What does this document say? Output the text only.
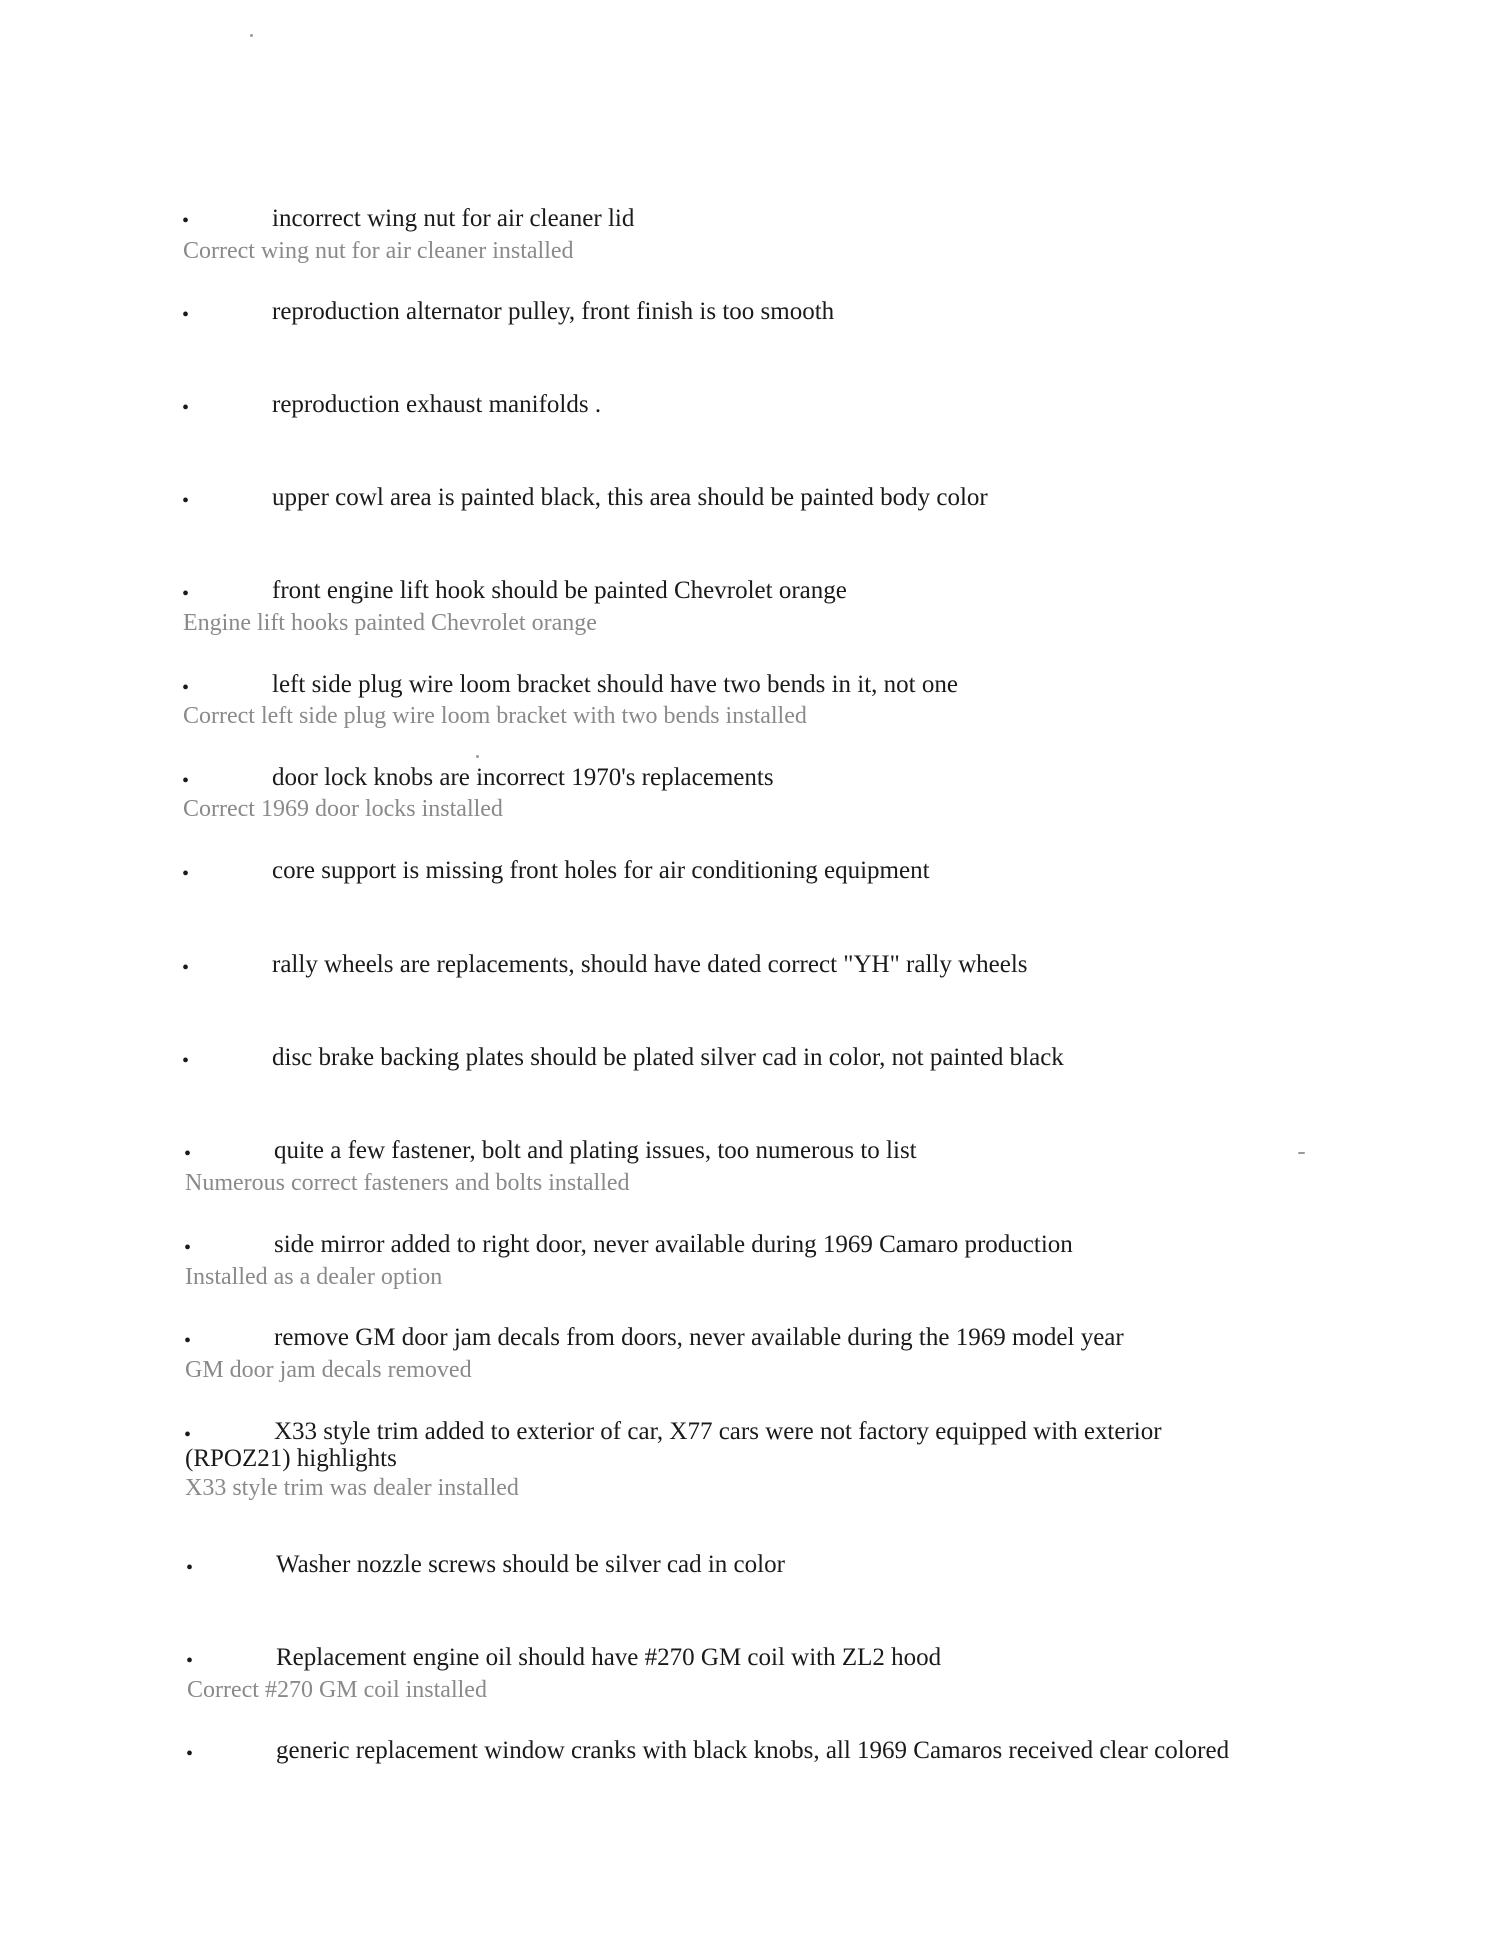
•	incorrect wing nut for air cleaner lid
Correct wing nut for air cleaner installed
•	reproduction alternator pulley, front finish is too smooth
•	reproduction exhaust manifolds .
•	upper cowl area is painted black, this area should be painted body color
•	front engine lift hook should be painted Chevrolet orange
Engine lift hooks painted Chevrolet orange
•	left side plug wire loom bracket should have two bends in it, not one
Correct left side plug wire loom bracket with two bends installed
•	door lock knobs are incorrect 1970's replacements
Correct 1969 door locks installed
•	core support is missing front holes for air conditioning equipment
•	rally wheels are replacements, should have dated correct "YH" rally wheels
•	disc brake backing plates should be plated silver cad in color, not painted black
•	quite a few fastener, bolt and plating issues, too numerous to list
Numerous correct fasteners and bolts installed
•	side mirror added to right door, never available during 1969 Camaro production
Installed as a dealer option
•	remove GM door jam decals from doors, never available during the 1969 model year
GM door jam decals removed
•	X33 style trim added to exterior of car, X77 cars were not factory equipped with exterior
(RPOZ21) highlights
X33 style trim was dealer installed
•	Washer nozzle screws should be silver cad in color
•	Replacement engine oil should have #270 GM coil with ZL2 hood
Correct #270 GM coil installed
•	generic replacement window cranks with black knobs, all 1969 Camaros received clear colored
